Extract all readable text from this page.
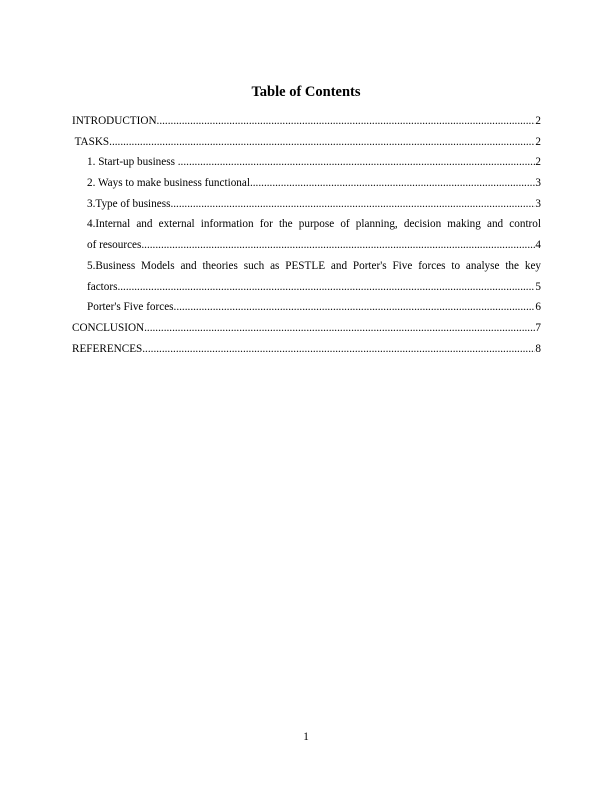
Table of Contents
INTRODUCTION .....	2
TASKS .....	2
1. Start-up business .....	2
2. Ways to make business functional .....	3
3.Type of business .....	3
4.Internal and external information for the purpose of planning, decision making and control
of resources .....	4
5.Business Models and theories such as PESTLE and Porter's Five forces to analyse the key
factors .....	5
Porter's Five forces .....	6
CONCLUSION .....	7
REFERENCES .....	8
1
